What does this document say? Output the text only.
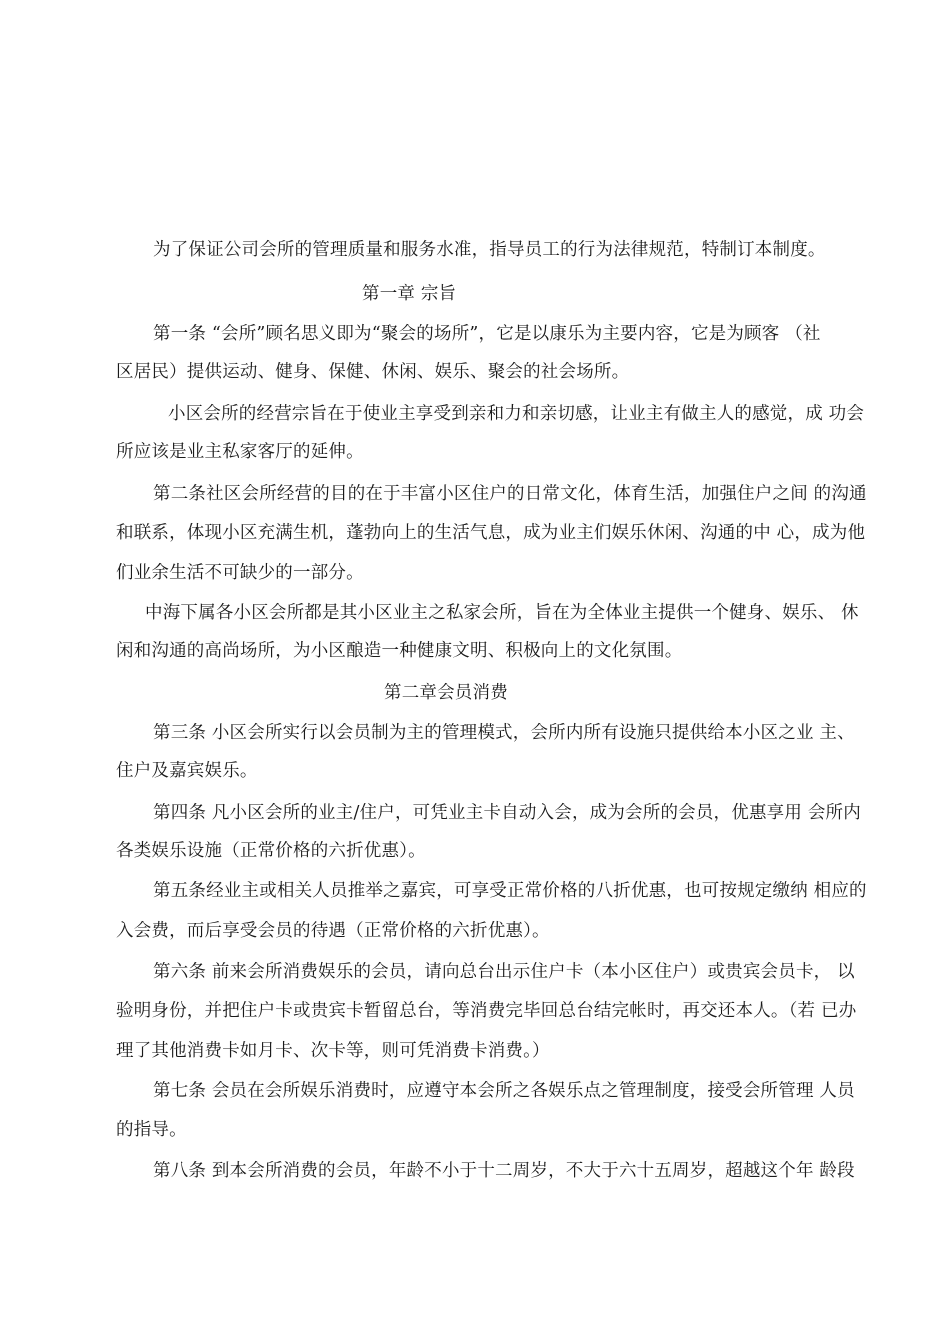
为了保证公司会所的管理质量和服务水准，指导员工的行为法律规范，特制订本制度。
第一章 宗旨
第一条 “会所”顾名思义即为“聚会的场所”，它是以康乐为主要内容，它是为顾客 （社
区居民）提供运动、健身、保健、休闲、娱乐、聚会的社会场所。
小区会所的经营宗旨在于使业主享受到亲和力和亲切感，让业主有做主人的感觉，成 功会
所应该是业主私家客厅的延伸。
第二条社区会所经营的目的在于丰富小区住户的日常文化，体育生活，加强住户之间 的沟通
和联系，体现小区充满生机，蓬勃向上的生活气息，成为业主们娱乐休闲、沟通的中 心，成为他
们业余生活不可缺少的一部分。
中海下属各小区会所都是其小区业主之私家会所，旨在为全体业主提供一个健身、娱乐、 休
闲和沟通的高尚场所，为小区酿造一种健康文明、积极向上的文化氛围。
第二章会员消费
第三条 小区会所实行以会员制为主的管理模式，会所内所有设施只提供给本小区之业 主、
住户及嘉宾娱乐。
第四条 凡小区会所的业主/住户，可凭业主卡自动入会，成为会所的会员，优惠享用 会所内
各类娱乐设施（正常价格的六折优惠）。
第五条经业主或相关人员推举之嘉宾，可享受正常价格的八折优惠，也可按规定缴纳 相应的
入会费，而后享受会员的待遇（正常价格的六折优惠）。
第六条 前来会所消费娱乐的会员，请向总台出示住户卡（本小区住户）或贵宾会员卡， 以
验明身份，并把住户卡或贵宾卡暂留总台，等消费完毕回总台结完帐时，再交还本人。（若 已办
理了其他消费卡如月卡、次卡等，则可凭消费卡消费。）
第七条 会员在会所娱乐消费时，应遵守本会所之各娱乐点之管理制度，接受会所管理 人员
的指导。
第八条 到本会所消费的会员，年龄不小于十二周岁，不大于六十五周岁，超越这个年 龄段
